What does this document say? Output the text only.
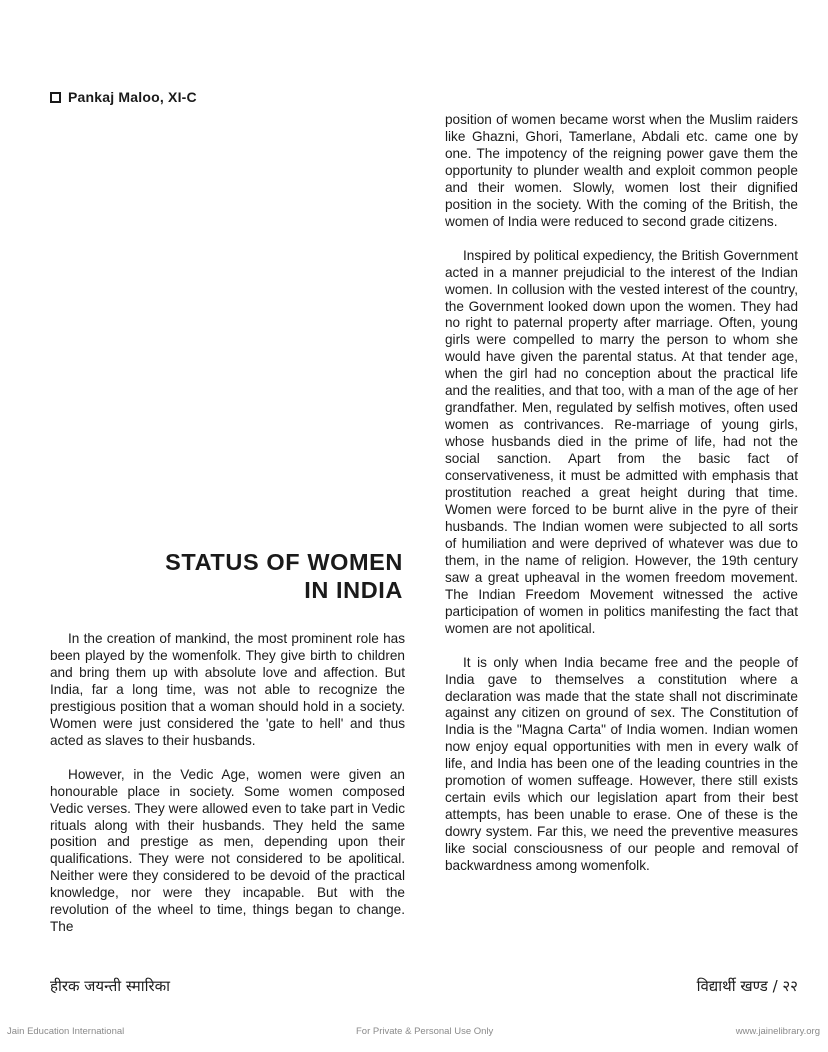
Pankaj Maloo, XI-C
STATUS OF WOMEN
IN INDIA

In the creation of mankind, the most prominent role has been played by the womenfolk. They give birth to children and bring them up with absolute love and affection. But India, far a long time, was not able to recognize the prestigious position that a woman should hold in a society. Women were just considered the 'gate to hell' and thus acted as slaves to their husbands.

However, in the Vedic Age, women were given an honourable place in society. Some women composed Vedic verses. They were allowed even to take part in Vedic rituals along with their husbands. They held the same position and prestige as men, depending upon their qualifications. They were not considered to be apolitical. Neither were they considered to be devoid of the practical knowledge, nor were they incapable. But with the revolution of the wheel to time, things began to change. The

position of women became worst when the Muslim raiders like Ghazni, Ghori, Tamerlane, Abdali etc. came one by one. The impotency of the reigning power gave them the opportunity to plunder wealth and exploit common people and their women. Slowly, women lost their dignified position in the society. With the coming of the British, the women of India were reduced to second grade citizens.

Inspired by political expediency, the British Government acted in a manner prejudicial to the interest of the Indian women. In collusion with the vested interest of the country, the Government looked down upon the women. They had no right to paternal property after marriage. Often, young girls were compelled to marry the person to whom she would have given the parental status. At that tender age, when the girl had no conception about the practical life and the realities, and that too, with a man of the age of her grandfather. Men, regulated by selfish motives, often used women as contrivances. Re-marriage of young girls, whose husbands died in the prime of life, had not the social sanction. Apart from the basic fact of conservativeness, it must be admitted with emphasis that prostitution reached a great height during that time. Women were forced to be burnt alive in the pyre of their husbands. The Indian women were subjected to all sorts of humiliation and were deprived of whatever was due to them, in the name of religion. However, the 19th century saw a great upheaval in the women freedom movement. The Indian Freedom Movement witnessed the active participation of women in politics manifesting the fact that women are not apolitical.

It is only when India became free and the people of India gave to themselves a constitution where a declaration was made that the state shall not discriminate against any citizen on ground of sex. The Constitution of India is the "Magna Carta" of India women. Indian women now enjoy equal opportunities with men in every walk of life, and India has been one of the leading countries in the promotion of women suffeage. However, there still exists certain evils which our legislation apart from their best attempts, has been unable to erase. One of these is the dowry system. Far this, we need the preventive measures like social consciousness of our people and removal of backwardness among womenfolk.

हीरक जयन्ती स्मारिका	विद्यार्थी खण्ड / २२
Jain Education International	For Private & Personal Use Only	www.jainelibrary.org
